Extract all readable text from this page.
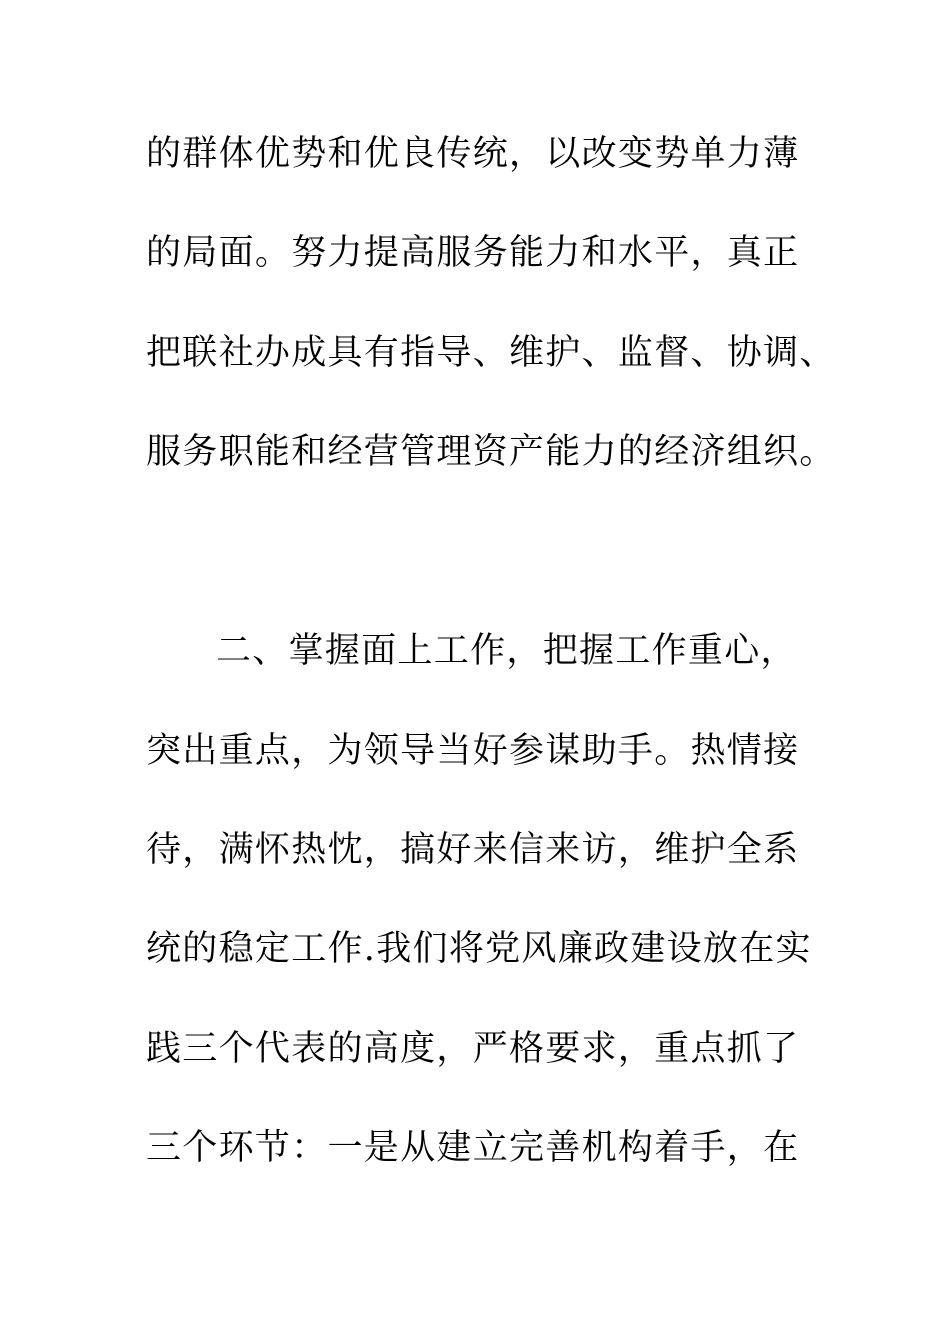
的群体优势和优良传统，以改变势单力薄
的局面。努力提高服务能力和水平，真正
把联社办成具有指导、维护、监督、协调、
服务职能和经营管理资产能力的经济组织。
二、掌握面上工作，把握工作重心，
突出重点，为领导当好参谋助手。热情接
待，满怀热忱，搞好来信来访，维护全系
统的稳定工作.我们将党风廉政建设放在实
践三个代表的高度，严格要求，重点抓了
三个环节：一是从建立完善机构着手，在
